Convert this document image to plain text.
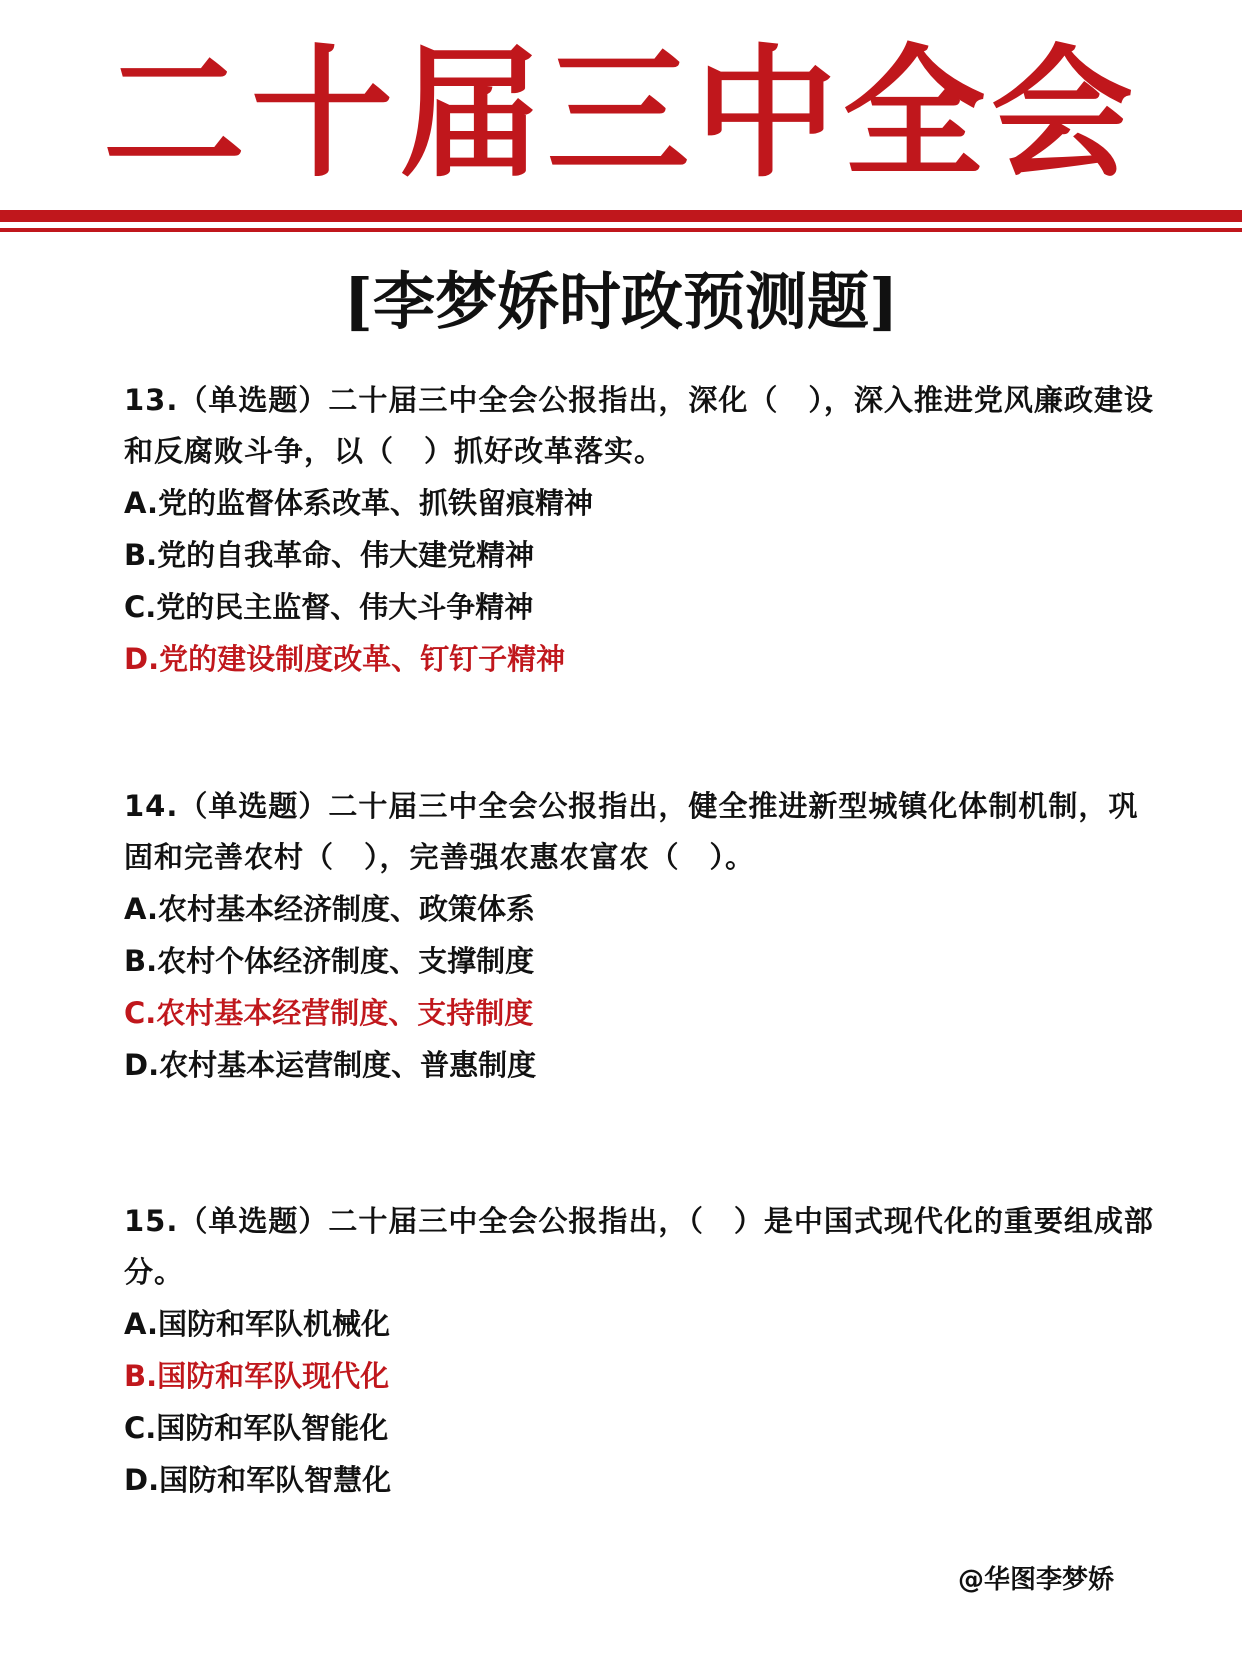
二十届三中全会
[李梦娇时政预测题]

13.（单选题）二十届三中全会公报指出，深化（　），深入推进党风廉政建设和反腐败斗争，以（　）抓好改革落实。

A.党的监督体系改革、抓铁留痕精神

B.党的自我革命、伟大建党精神

C.党的民主监督、伟大斗争精神

D.党的建设制度改革、钉钉子精神

14.（单选题）二十届三中全会公报指出，健全推进新型城镇化体制机制，巩固和完善农村（　），完善强农惠农富农（　）。

A.农村基本经济制度、政策体系

B.农村个体经济制度、支撑制度

C.农村基本经营制度、支持制度

D.农村基本运营制度、普惠制度

15.（单选题）二十届三中全会公报指出，（　）是中国式现代化的重要组成部分。

A.国防和军队机械化

B.国防和军队现代化

C.国防和军队智能化

D.国防和军队智慧化

@华图李梦娇
